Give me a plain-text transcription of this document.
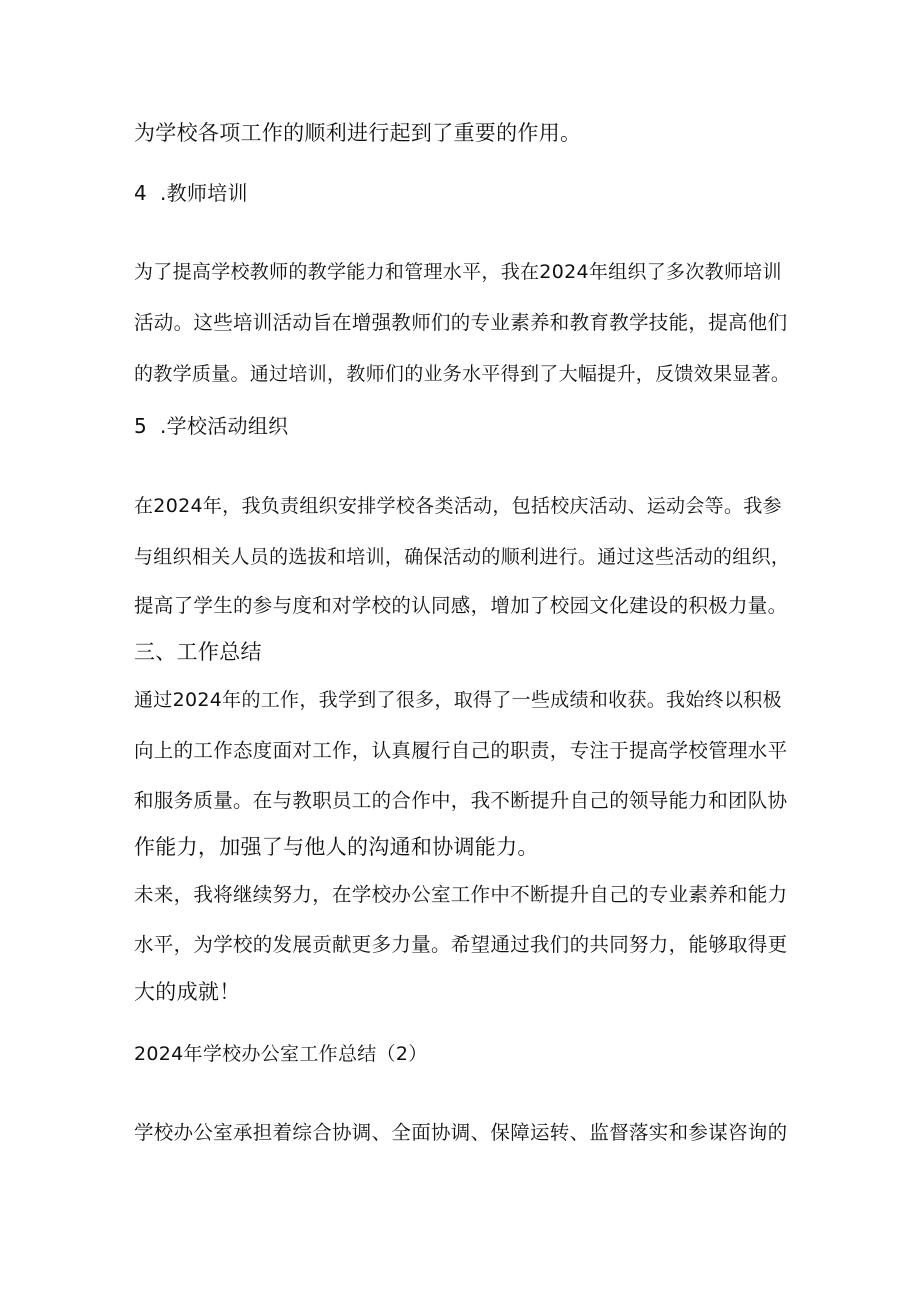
为学校各项工作的顺利进行起到了重要的作用。
4 .教师培训
为了提高学校教师的教学能力和管理水平，我在2024年组织了多次教师培训
活动。这些培训活动旨在增强教师们的专业素养和教育教学技能，提高他们
的教学质量。通过培训，教师们的业务水平得到了大幅提升，反馈效果显著。
5 .学校活动组织
在2024年，我负责组织安排学校各类活动，包括校庆活动、运动会等。我参
与组织相关人员的选拔和培训，确保活动的顺利进行。通过这些活动的组织，
提高了学生的参与度和对学校的认同感，增加了校园文化建设的积极力量。
三、工作总结
通过2024年的工作，我学到了很多，取得了一些成绩和收获。我始终以积极
向上的工作态度面对工作，认真履行自己的职责，专注于提高学校管理水平
和服务质量。在与教职员工的合作中，我不断提升自己的领导能力和团队协
作能力，加强了与他人的沟通和协调能力。
未来，我将继续努力，在学校办公室工作中不断提升自己的专业素养和能力
水平，为学校的发展贡献更多力量。希望通过我们的共同努力，能够取得更
大的成就！
2024年学校办公室工作总结（2）
学校办公室承担着综合协调、全面协调、保障运转、监督落实和参谋咨询的
